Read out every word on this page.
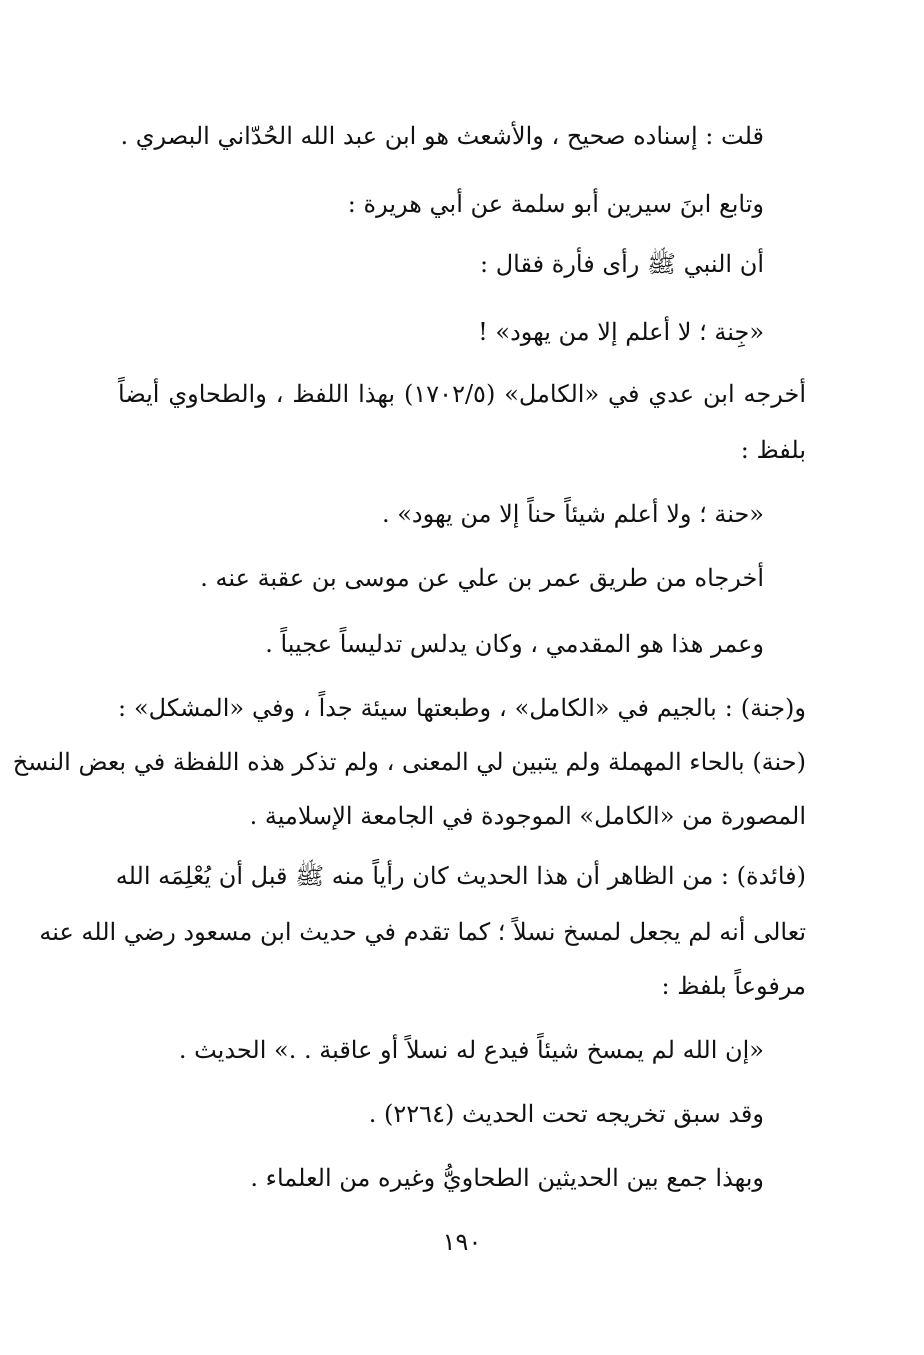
قلت : إسناده صحيح ، والأشعث هو ابن عبد الله الحُدّاني البصري .
وتابع ابنَ سيرين أبو سلمة عن أبي هريرة :
أن النبي ﷺ رأى فأرة فقال :
«جِنة ؛ لا أعلم إلا من يهود» !
أخرجه ابن عدي في «الكامل» (١٧٠٢/٥) بهذا اللفظ ، والطحاوي أيضاً
بلفظ :
«حنة ؛ ولا أعلم شيئاً حناً إلا من يهود» .
أخرجاه من طريق عمر بن علي عن موسى بن عقبة عنه .
وعمر هذا هو المقدمي ، وكان يدلس تدليساً عجيباً .
و(جنة) : بالجيم في «الكامل» ، وطبعتها سيئة جداً ، وفي «المشكل» :
(حنة) بالحاء المهملة ولم يتبين لي المعنى ، ولم تذكر هذه اللفظة في بعض النسخ
المصورة من «الكامل» الموجودة في الجامعة الإسلامية .
(فائدة) : من الظاهر أن هذا الحديث كان رأياً منه ﷺ قبل أن يُعْلِمَه الله
تعالى أنه لم يجعل لمسخ نسلاً ؛ كما تقدم في حديث ابن مسعود رضي الله عنه
مرفوعاً بلفظ :
«إن الله لم يمسخ شيئاً فيدع له نسلاً أو عاقبة . .» الحديث .
وقد سبق تخريجه تحت الحديث (٢٢٦٤) .
وبهذا جمع بين الحديثين الطحاويُّ وغيره من العلماء .
١٩٠
